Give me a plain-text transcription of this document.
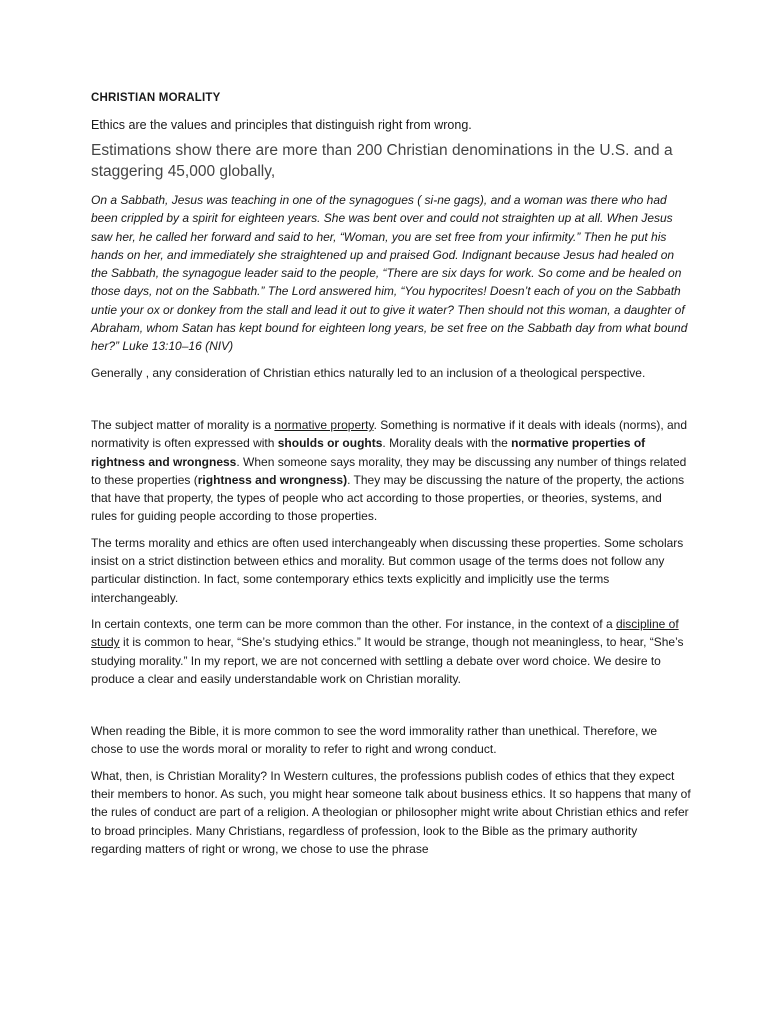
CHRISTIAN MORALITY

Ethics are the values and principles that distinguish right from wrong.

Estimations show there are more than 200 Christian denominations in the U.S. and a staggering 45,000 globally,

On a Sabbath, Jesus was teaching in one of the synagogues ( si-ne gags), and a woman was there who had been crippled by a spirit for eighteen years. She was bent over and could not straighten up at all. When Jesus saw her, he called her forward and said to her, “Woman, you are set free from your infirmity.” Then he put his hands on her, and immediately she straightened up and praised God. Indignant because Jesus had healed on the Sabbath, the synagogue leader said to the people, “There are six days for work. So come and be healed on those days, not on the Sabbath.” The Lord answered him, “You hypocrites! Doesn’t each of you on the Sabbath untie your ox or donkey from the stall and lead it out to give it water? Then should not this woman, a daughter of Abraham, whom Satan has kept bound for eighteen long years, be set free on the Sabbath day from what bound her?” Luke 13:10–16 (NIV)

Generally , any consideration of Christian ethics naturally led to an inclusion of a theological perspective.

The subject matter of morality is a normative property. Something is normative if it deals with ideals (norms), and normativity is often expressed with shoulds or oughts. Morality deals with the normative properties of rightness and wrongness. When someone says morality, they may be discussing any number of things related to these properties (rightness and wrongness). They may be discussing the nature of the property, the actions that have that property, the types of people who act according to those properties, or theories, systems, and rules for guiding people according to those properties.

The terms morality and ethics are often used interchangeably when discussing these properties. Some scholars insist on a strict distinction between ethics and morality. But common usage of the terms does not follow any particular distinction. In fact, some contemporary ethics texts explicitly and implicitly use the terms interchangeably.

In certain contexts, one term can be more common than the other. For instance, in the context of a discipline of study it is common to hear, “She’s studying ethics.” It would be strange, though not meaningless, to hear, “She’s studying morality.” In my report, we are not concerned with settling a debate over word choice. We desire to produce a clear and easily understandable work on Christian morality.

When reading the Bible, it is more common to see the word immorality rather than unethical. Therefore, we chose to use the words moral or morality to refer to right and wrong conduct.

What, then, is Christian Morality? In Western cultures, the professions publish codes of ethics that they expect their members to honor. As such, you might hear someone talk about business ethics. It so happens that many of the rules of conduct are part of a religion. A theologian or philosopher might write about Christian ethics and refer to broad principles. Many Christians, regardless of profession, look to the Bible as the primary authority regarding matters of right or wrong, we chose to use the phrase
